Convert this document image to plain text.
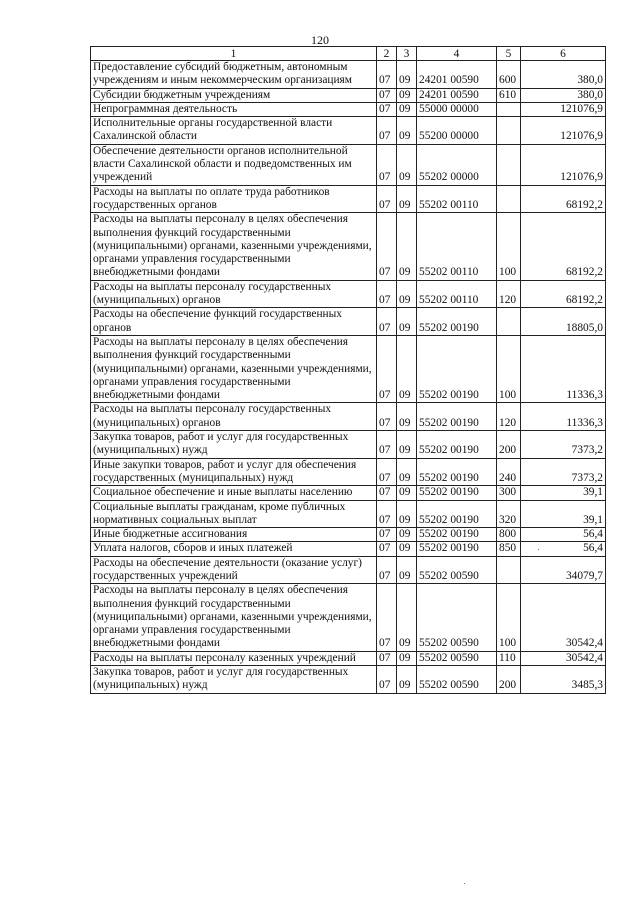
120
1	2	3	4	5	6
Предоставление субсидий бюджетным, автономным учреждениям и иным некоммерческим организациям	07	09	24201 00590	600	380,0
Субсидии бюджетным учреждениям	07	09	24201 00590	610	380,0
Непрограммная деятельность	07	09	55000 00000		121076,9
Исполнительные органы государственной власти Сахалинской области	07	09	55200 00000		121076,9
Обеспечение деятельности органов исполнительной власти Сахалинской области и подведомственных им учреждений	07	09	55202 00000		121076,9
Расходы на выплаты по оплате труда работников государственных органов	07	09	55202 00110		68192,2
Расходы на выплаты персоналу в целях обеспечения выполнения функций государственными (муниципальными) органами, казенными учреждениями, органами управления государственными внебюджетными фондами	07	09	55202 00110	100	68192,2
Расходы на выплаты персоналу государственных (муниципальных) органов	07	09	55202 00110	120	68192,2
Расходы на обеспечение функций государственных органов	07	09	55202 00190		18805,0
Расходы на выплаты персоналу в целях обеспечения выполнения функций государственными (муниципальными) органами, казенными учреждениями, органами управления государственными внебюджетными фондами	07	09	55202 00190	100	11336,3
Расходы на выплаты персоналу государственных (муниципальных) органов	07	09	55202 00190	120	11336,3
Закупка товаров, работ и услуг для государственных (муниципальных) нужд	07	09	55202 00190	200	7373,2
Иные закупки товаров, работ и услуг для обеспечения государственных (муниципальных) нужд	07	09	55202 00190	240	7373,2
Социальное обеспечение и иные выплаты населению	07	09	55202 00190	300	39,1
Социальные выплаты гражданам, кроме публичных нормативных социальных выплат	07	09	55202 00190	320	39,1
Иные бюджетные ассигнования	07	09	55202 00190	800	56,4
Уплата налогов, сборов и иных платежей	07	09	55202 00190	850	56,4
Расходы на обеспечение деятельности (оказание услуг) государственных учреждений	07	09	55202 00590		34079,7
Расходы на выплаты персоналу в целях обеспечения выполнения функций государственными (муниципальными) органами, казенными учреждениями, органами управления государственными внебюджетными фондами	07	09	55202 00590	100	30542,4
Расходы на выплаты персоналу казенных учреждений	07	09	55202 00590	110	30542,4
Закупка товаров, работ и услуг для государственных (муниципальных) нужд	07	09	55202 00590	200	3485,3
